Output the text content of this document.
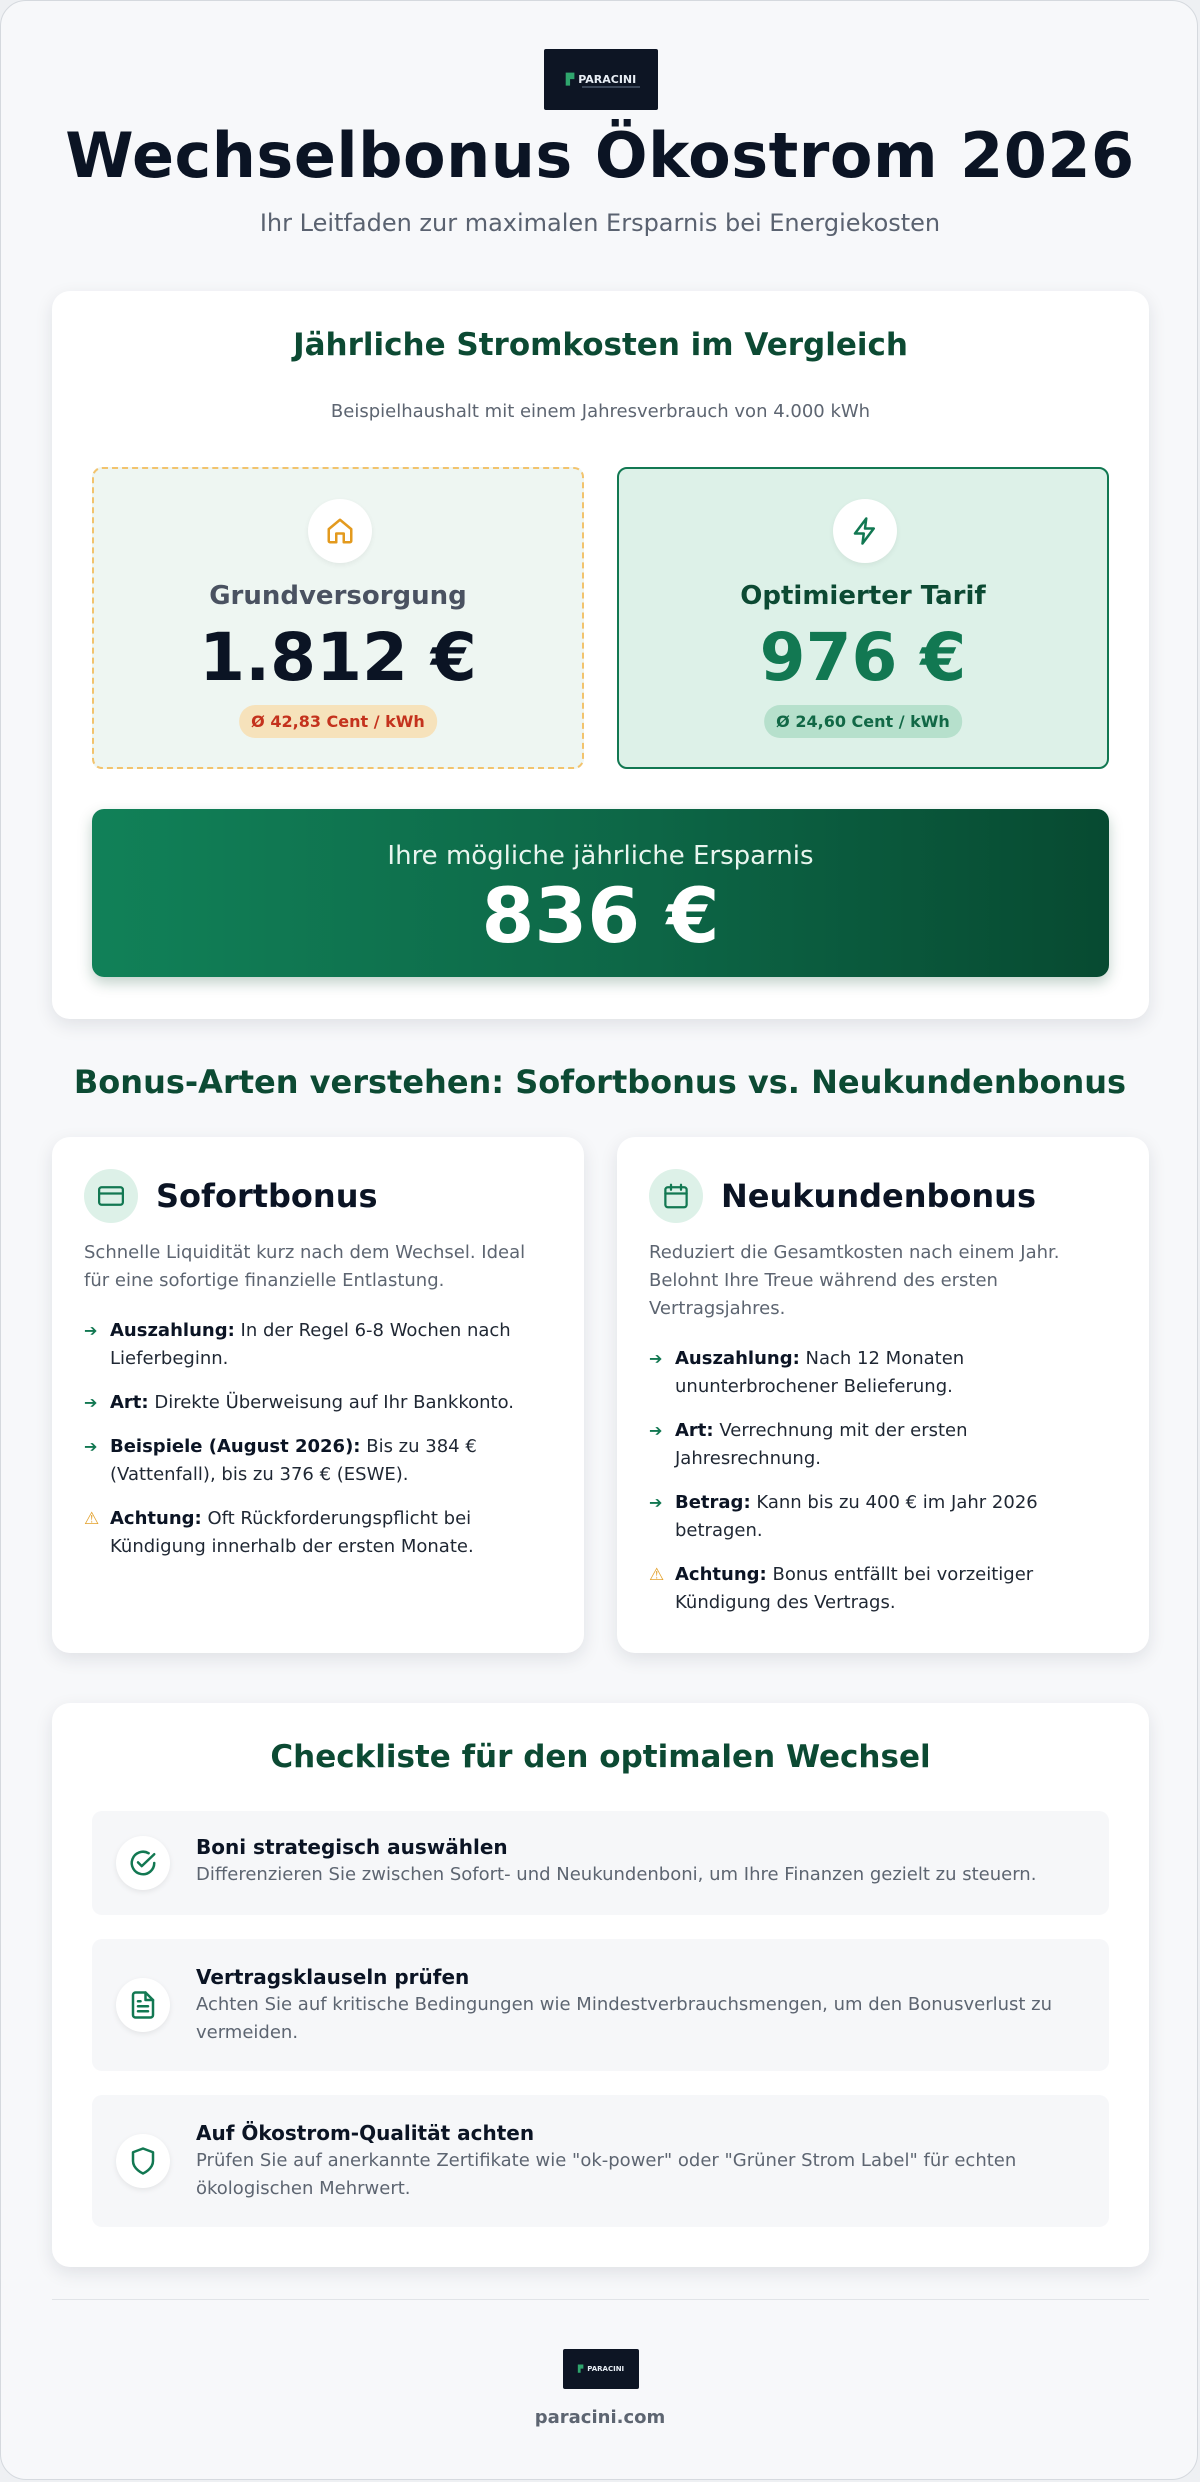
▛ PARACINI
Wechselbonus Ökostrom 2026
Ihr Leitfaden zur maximalen Ersparnis bei Energiekosten
Jährliche Stromkosten im Vergleich
Beispielhaushalt mit einem Jahresverbrauch von 4.000 kWh
Grundversorgung
1.812 €
Ø 42,83 Cent / kWh
Optimierter Tarif
976 €
Ø 24,60 Cent / kWh
Ihre mögliche jährliche Ersparnis
836 €
Bonus-Arten verstehen: Sofortbonus vs. Neukundenbonus
Sofortbonus
Schnelle Liquidität kurz nach dem Wechsel. Ideal für eine sofortige finanzielle Entlastung.
➔ Auszahlung: In der Regel 6-8 Wochen nach Lieferbeginn.
➔ Art: Direkte Überweisung auf Ihr Bankkonto.
➔ Beispiele (August 2026): Bis zu 384 € (Vattenfall), bis zu 376 € (ESWE).
⚠ Achtung: Oft Rückforderungspflicht bei Kündigung innerhalb der ersten Monate.
Neukundenbonus
Reduziert die Gesamtkosten nach einem Jahr. Belohnt Ihre Treue während des ersten Vertragsjahres.
➔ Auszahlung: Nach 12 Monaten ununterbrochener Belieferung.
➔ Art: Verrechnung mit der ersten Jahresrechnung.
➔ Betrag: Kann bis zu 400 € im Jahr 2026 betragen.
⚠ Achtung: Bonus entfällt bei vorzeitiger Kündigung des Vertrags.
Checkliste für den optimalen Wechsel
Boni strategisch auswählen
Differenzieren Sie zwischen Sofort- und Neukundenboni, um Ihre Finanzen gezielt zu steuern.
Vertragsklauseln prüfen
Achten Sie auf kritische Bedingungen wie Mindestverbrauchsmengen, um den Bonusverlust zu vermeiden.
Auf Ökostrom-Qualität achten
Prüfen Sie auf anerkannte Zertifikate wie "ok-power" oder "Grüner Strom Label" für echten ökologischen Mehrwert.
▛ PARACINI
paracini.com
